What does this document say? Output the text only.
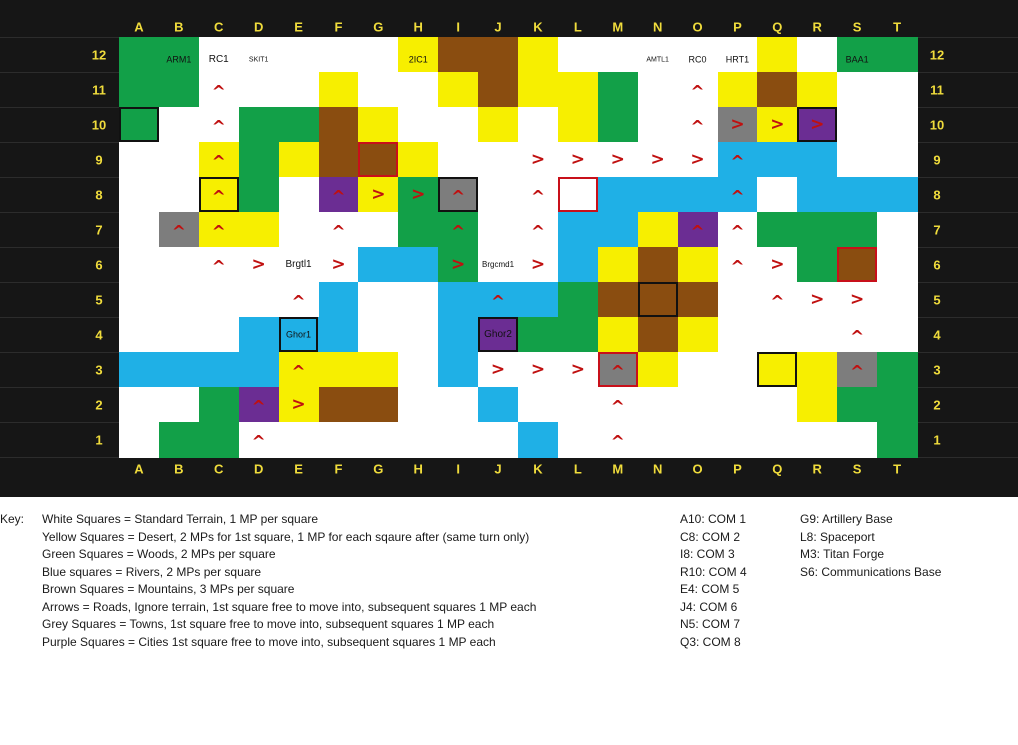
A B C D E F G H	I	J K L M N O P Q R S T
A B C D E F G H	I	J K L M N O P Q R S T
12
11
10
9
8
7
6
5
4
3
2
1
12
11
10
9
8
7
6
5
4
3
2
1
^
^
^
^
^
^
^
>	>
^
^
> > ^
^
>
^
^
>
^
^
^
> > > ^
^
^
> > > > >
^
^
>
^
^ > > >
^
^
^
^ >
^ > >
^
^
^
ARM1 RC1	SKIT1	2IC1	AMTL1 RC0 HRT1	BAA1
Brgtl1	Brgcmd1
Ghor1	Ghor2
Key: White Squares = Standard Terrain, 1 MP per square
Yellow Squares = Desert, 2 MPs for 1st square, 1 MP for each sqaure after (same turn only)
Green Squares = Woods, 2 MPs per square
Blue squares = Rivers, 2 MPs per square
Brown Squares = Mountains, 3 MPs per square
Arrows = Roads, Ignore terrain, 1st square free to move into, subsequent squares 1 MP each
Grey Squares = Towns, 1st square free to move into, subsequent squares 1 MP each
Purple Squares = Cities 1st square free to move into, subsequent squares 1 MP each
A10: COM 1
C8: COM 2
I8: COM 3
R10: COM 4
E4: COM 5
J4: COM 6
N5: COM 7
Q3: COM 8
G9: Artillery Base
L8: Spaceport
M3: Titan Forge
S6: Communications Base
